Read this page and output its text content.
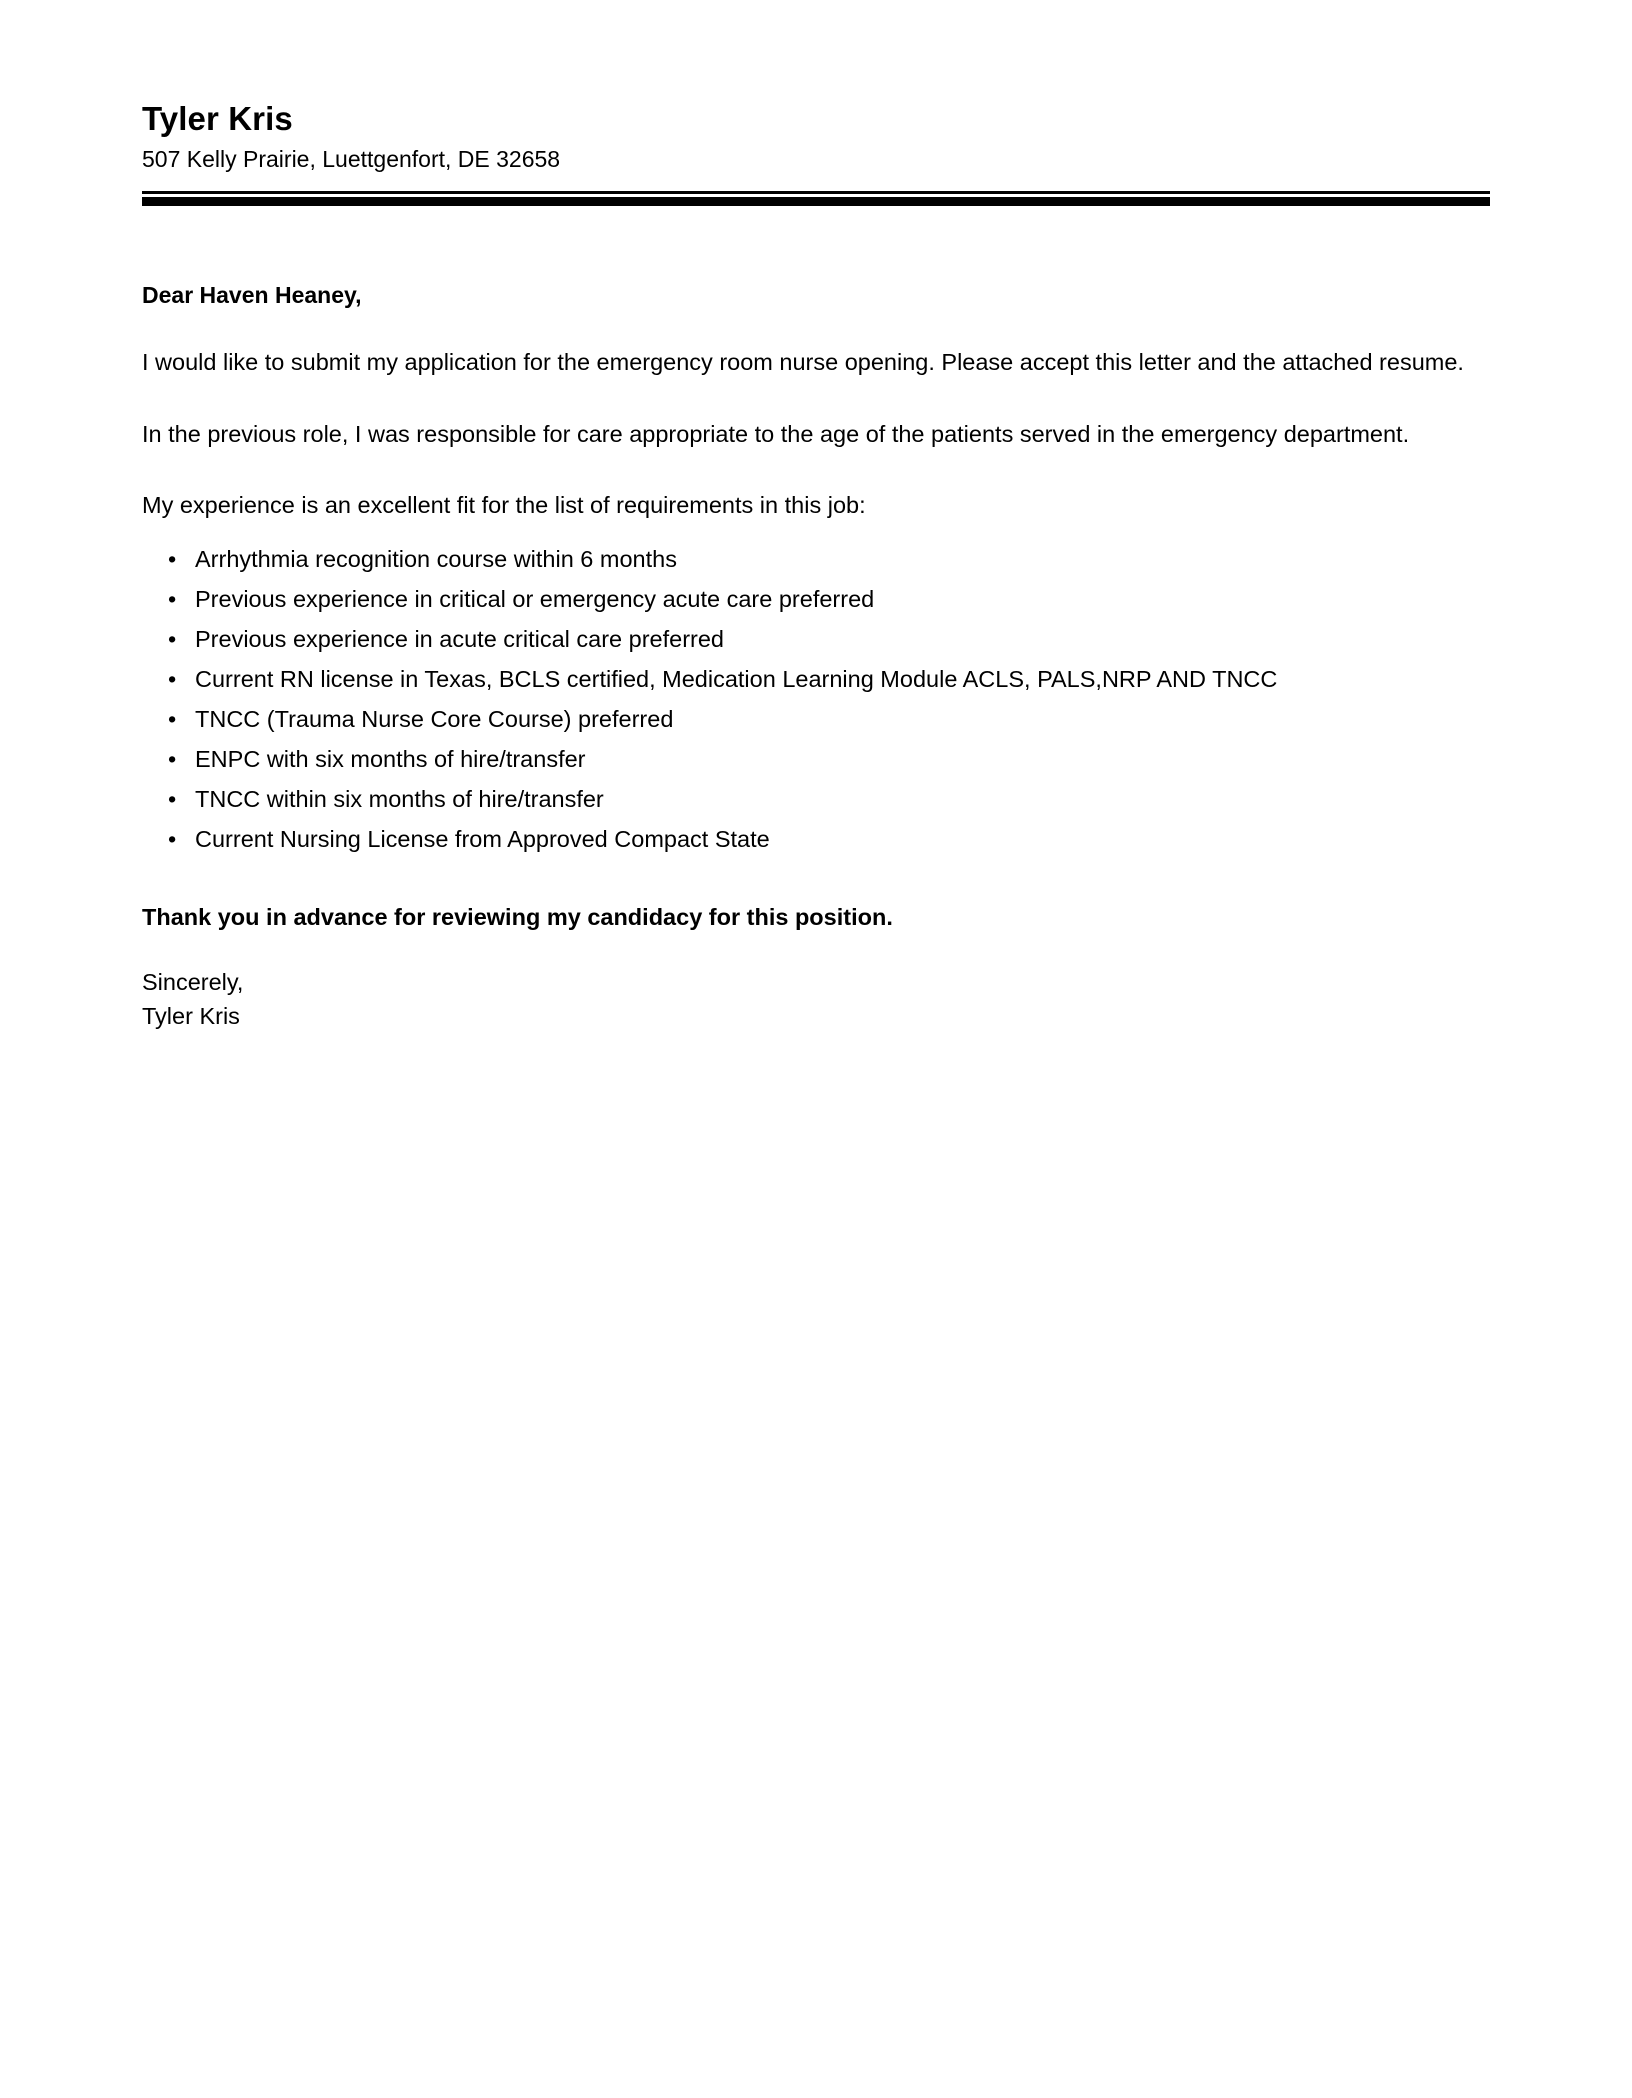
Tyler Kris
507 Kelly Prairie, Luettgenfort, DE 32658

Dear Haven Heaney,

I would like to submit my application for the emergency room nurse opening. Please accept this letter and the attached resume.

In the previous role, I was responsible for care appropriate to the age of the patients served in the emergency department.

My experience is an excellent fit for the list of requirements in this job:

• Arrhythmia recognition course within 6 months
• Previous experience in critical or emergency acute care preferred
• Previous experience in acute critical care preferred
• Current RN license in Texas, BCLS certified, Medication Learning Module ACLS, PALS,NRP AND TNCC
• TNCC (Trauma Nurse Core Course) preferred
• ENPC with six months of hire/transfer
• TNCC within six months of hire/transfer
• Current Nursing License from Approved Compact State

Thank you in advance for reviewing my candidacy for this position.

Sincerely,
Tyler Kris
